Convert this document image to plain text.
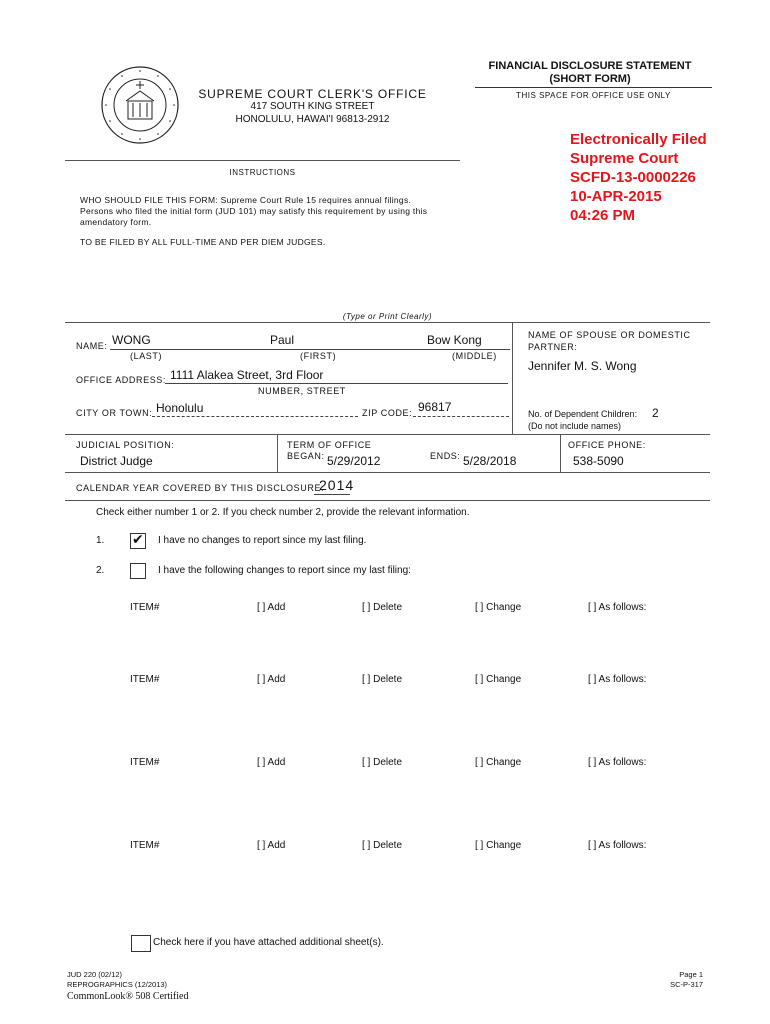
FINANCIAL DISCLOSURE STATEMENT
(SHORT FORM)
THIS SPACE FOR OFFICE USE ONLY
SUPREME COURT CLERK'S OFFICE
417 SOUTH KING STREET
HONOLULU, HAWAI'I 96813-2912
Electronically Filed
Supreme Court
SCFD-13-0000226
10-APR-2015
04:26 PM
INSTRUCTIONS
WHO SHOULD FILE THIS FORM: Supreme Court Rule 15 requires annual filings.
Persons who filed the initial form (JUD 101) may satisfy this requirement by using this
amendatory form.
TO BE FILED BY ALL FULL-TIME AND PER DIEM JUDGES.
(Type or Print Clearly)
NAME: WONG	Paul	Bow Kong
(LAST)	(FIRST)	(MIDDLE)
NAME OF SPOUSE OR DOMESTIC
PARTNER:
Jennifer M. S. Wong
OFFICE ADDRESS: 1111 Alakea Street, 3rd Floor
NUMBER, STREET
CITY OR TOWN: Honolulu	ZIP CODE: 96817	No. of Dependent Children: 2
(Do not include names)
JUDICIAL POSITION:
District Judge
TERM OF OFFICE
BEGAN: 5/29/2012	ENDS: 5/28/2018
OFFICE PHONE:
538-5090
CALENDAR YEAR COVERED BY THIS DISCLOSURE:
2014
Check either number 1 or 2. If you check number 2, provide the relevant information.
1. ✔ I have no changes to report since my last filing.
2.	I have the following changes to report since my last filing:
ITEM#	[ ] Add	[ ] Delete	[ ] Change	[ ] As follows:
ITEM#	[ ] Add	[ ] Delete	[ ] Change	[ ] As follows:
ITEM#	[ ] Add	[ ] Delete	[ ] Change	[ ] As follows:
ITEM#	[ ] Add	[ ] Delete	[ ] Change	[ ] As follows:
Check here if you have attached additional sheet(s).
JUD 220 (02/12)
REPROGRAPHICS (12/2013)
CommonLook® 508 Certified
Page 1
SC-P-317
